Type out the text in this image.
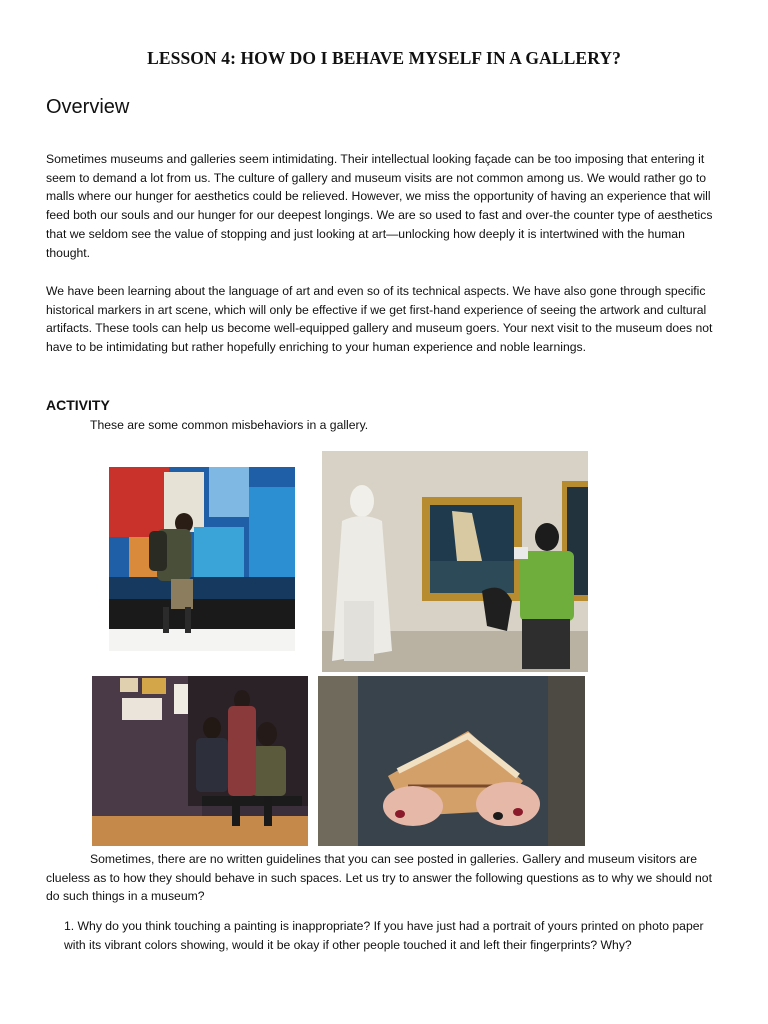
LESSON 4: HOW DO I BEHAVE MYSELF IN A GALLERY?
Overview

Sometimes museums and galleries seem intimidating. Their intellectual looking façade can be too imposing that entering it seem to demand a lot from us. The culture of gallery and museum visits are not common among us. We would rather go to malls where our hunger for aesthetics could be relieved. However, we miss the opportunity of having an experience that will feed both our souls and our hunger for our deepest longings. We are so used to fast and over-the counter type of aesthetics that we seldom see the value of stopping and just looking at art—unlocking how deeply it is intertwined with the human thought.

We have been learning about the language of art and even so of its technical aspects. We have also gone through specific historical markers in art scene, which will only be effective if we get first-hand experience of seeing the artwork and cultural artifacts. These tools can help us become well-equipped gallery and museum goers. Your next visit to the museum does not have to be intimidating but rather hopefully enriching to your human experience and noble learnings.

ACTIVITY
These are some common misbehaviors in a gallery.

Sometimes, there are no written guidelines that you can see posted in galleries. Gallery and museum visitors are clueless as to how they should behave in such spaces. Let us try to answer the following questions as to why we should not do such things in a museum?

1. Why do you think touching a painting is inappropriate? If you have just had a portrait of yours printed on photo paper with its vibrant colors showing, would it be okay if other people touched it and left their fingerprints? Why?
